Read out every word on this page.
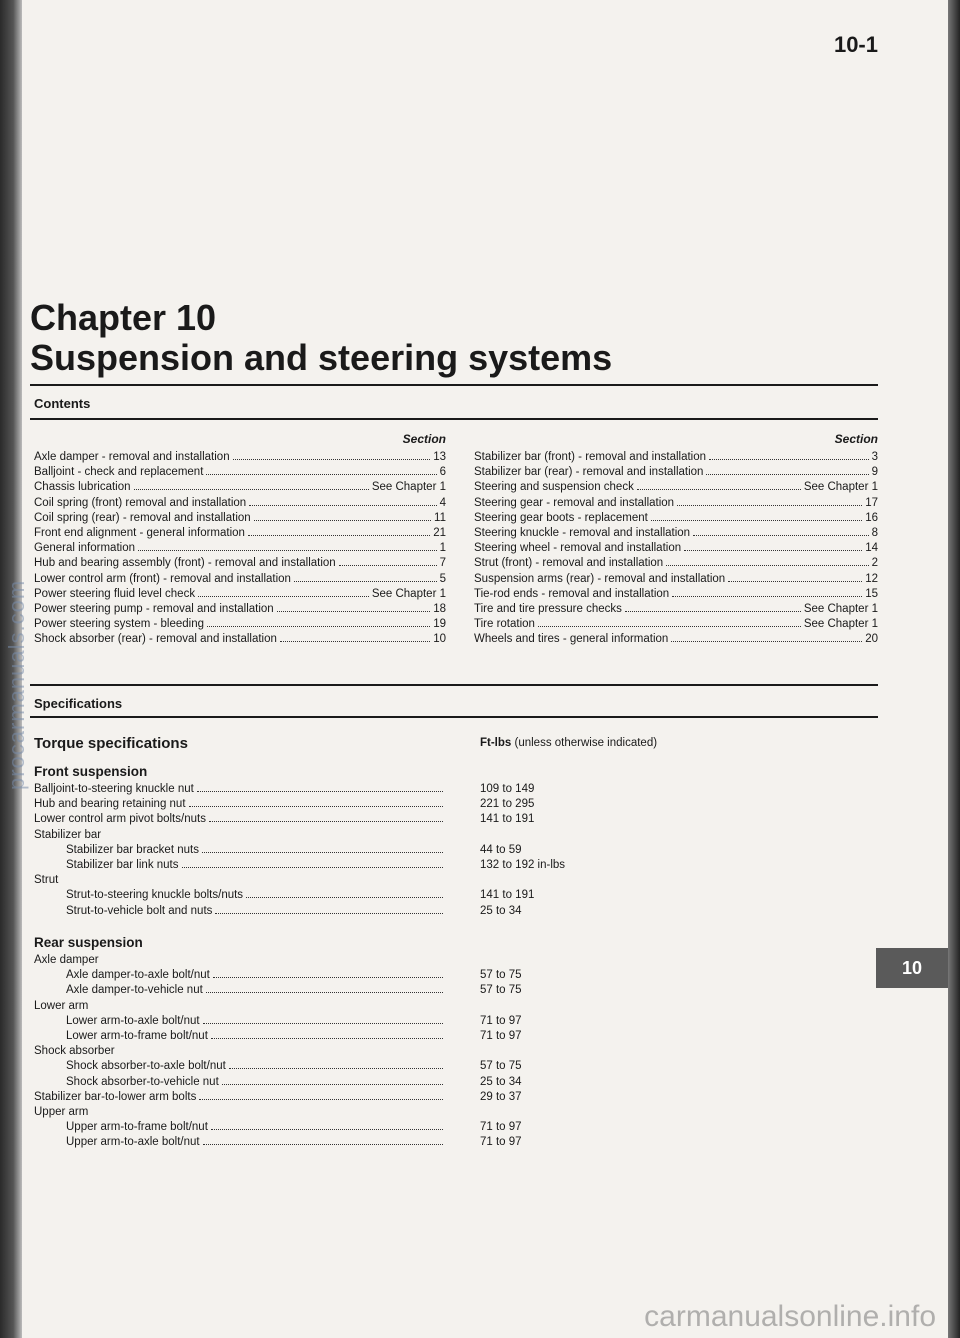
procarmanuals.com
carmanualsonline.info
10-1
Chapter 10
Suspension and steering systems
Contents
Section
Axle damper - removal and installation	13
Balljoint - check and replacement	6
Chassis lubrication	See Chapter 1
Coil spring (front) removal and installation	4
Coil spring (rear) - removal and installation	11
Front end alignment - general information	21
General information	1
Hub and bearing assembly (front) - removal and installation	7
Lower control arm (front) - removal and installation	5
Power steering fluid level check	See Chapter 1
Power steering pump - removal and installation	18
Power steering system - bleeding	19
Shock absorber (rear) - removal and installation	10
Section
Stabilizer bar (front) - removal and installation	3
Stabilizer bar (rear) - removal and installation	9
Steering and suspension check	See Chapter 1
Steering gear - removal and installation	17
Steering gear boots - replacement	16
Steering knuckle - removal and installation	8
Steering wheel - removal and installation	14
Strut (front) - removal and installation	2
Suspension arms (rear) - removal and installation	12
Tie-rod ends - removal and installation	15
Tire and tire pressure checks	See Chapter 1
Tire rotation	See Chapter 1
Wheels and tires - general information	20
Specifications
Torque specifications	Ft-lbs (unless otherwise indicated)
Front suspension
Balljoint-to-steering knuckle nut	109 to 149
Hub and bearing retaining nut	221 to 295
Lower control arm pivot bolts/nuts	141 to 191
Stabilizer bar
Stabilizer bar bracket nuts	44 to 59
Stabilizer bar link nuts	132 to 192 in-lbs
Strut
Strut-to-steering knuckle bolts/nuts	141 to 191
Strut-to-vehicle bolt and nuts	25 to 34
Rear suspension
Axle damper
Axle damper-to-axle bolt/nut	57 to 75
Axle damper-to-vehicle nut	57 to 75
Lower arm
Lower arm-to-axle bolt/nut	71 to 97
Lower arm-to-frame bolt/nut	71 to 97
Shock absorber
Shock absorber-to-axle bolt/nut	57 to 75
Shock absorber-to-vehicle nut	25 to 34
Stabilizer bar-to-lower arm bolts	29 to 37
Upper arm
Upper arm-to-frame bolt/nut	71 to 97
Upper arm-to-axle bolt/nut	71 to 97
10
